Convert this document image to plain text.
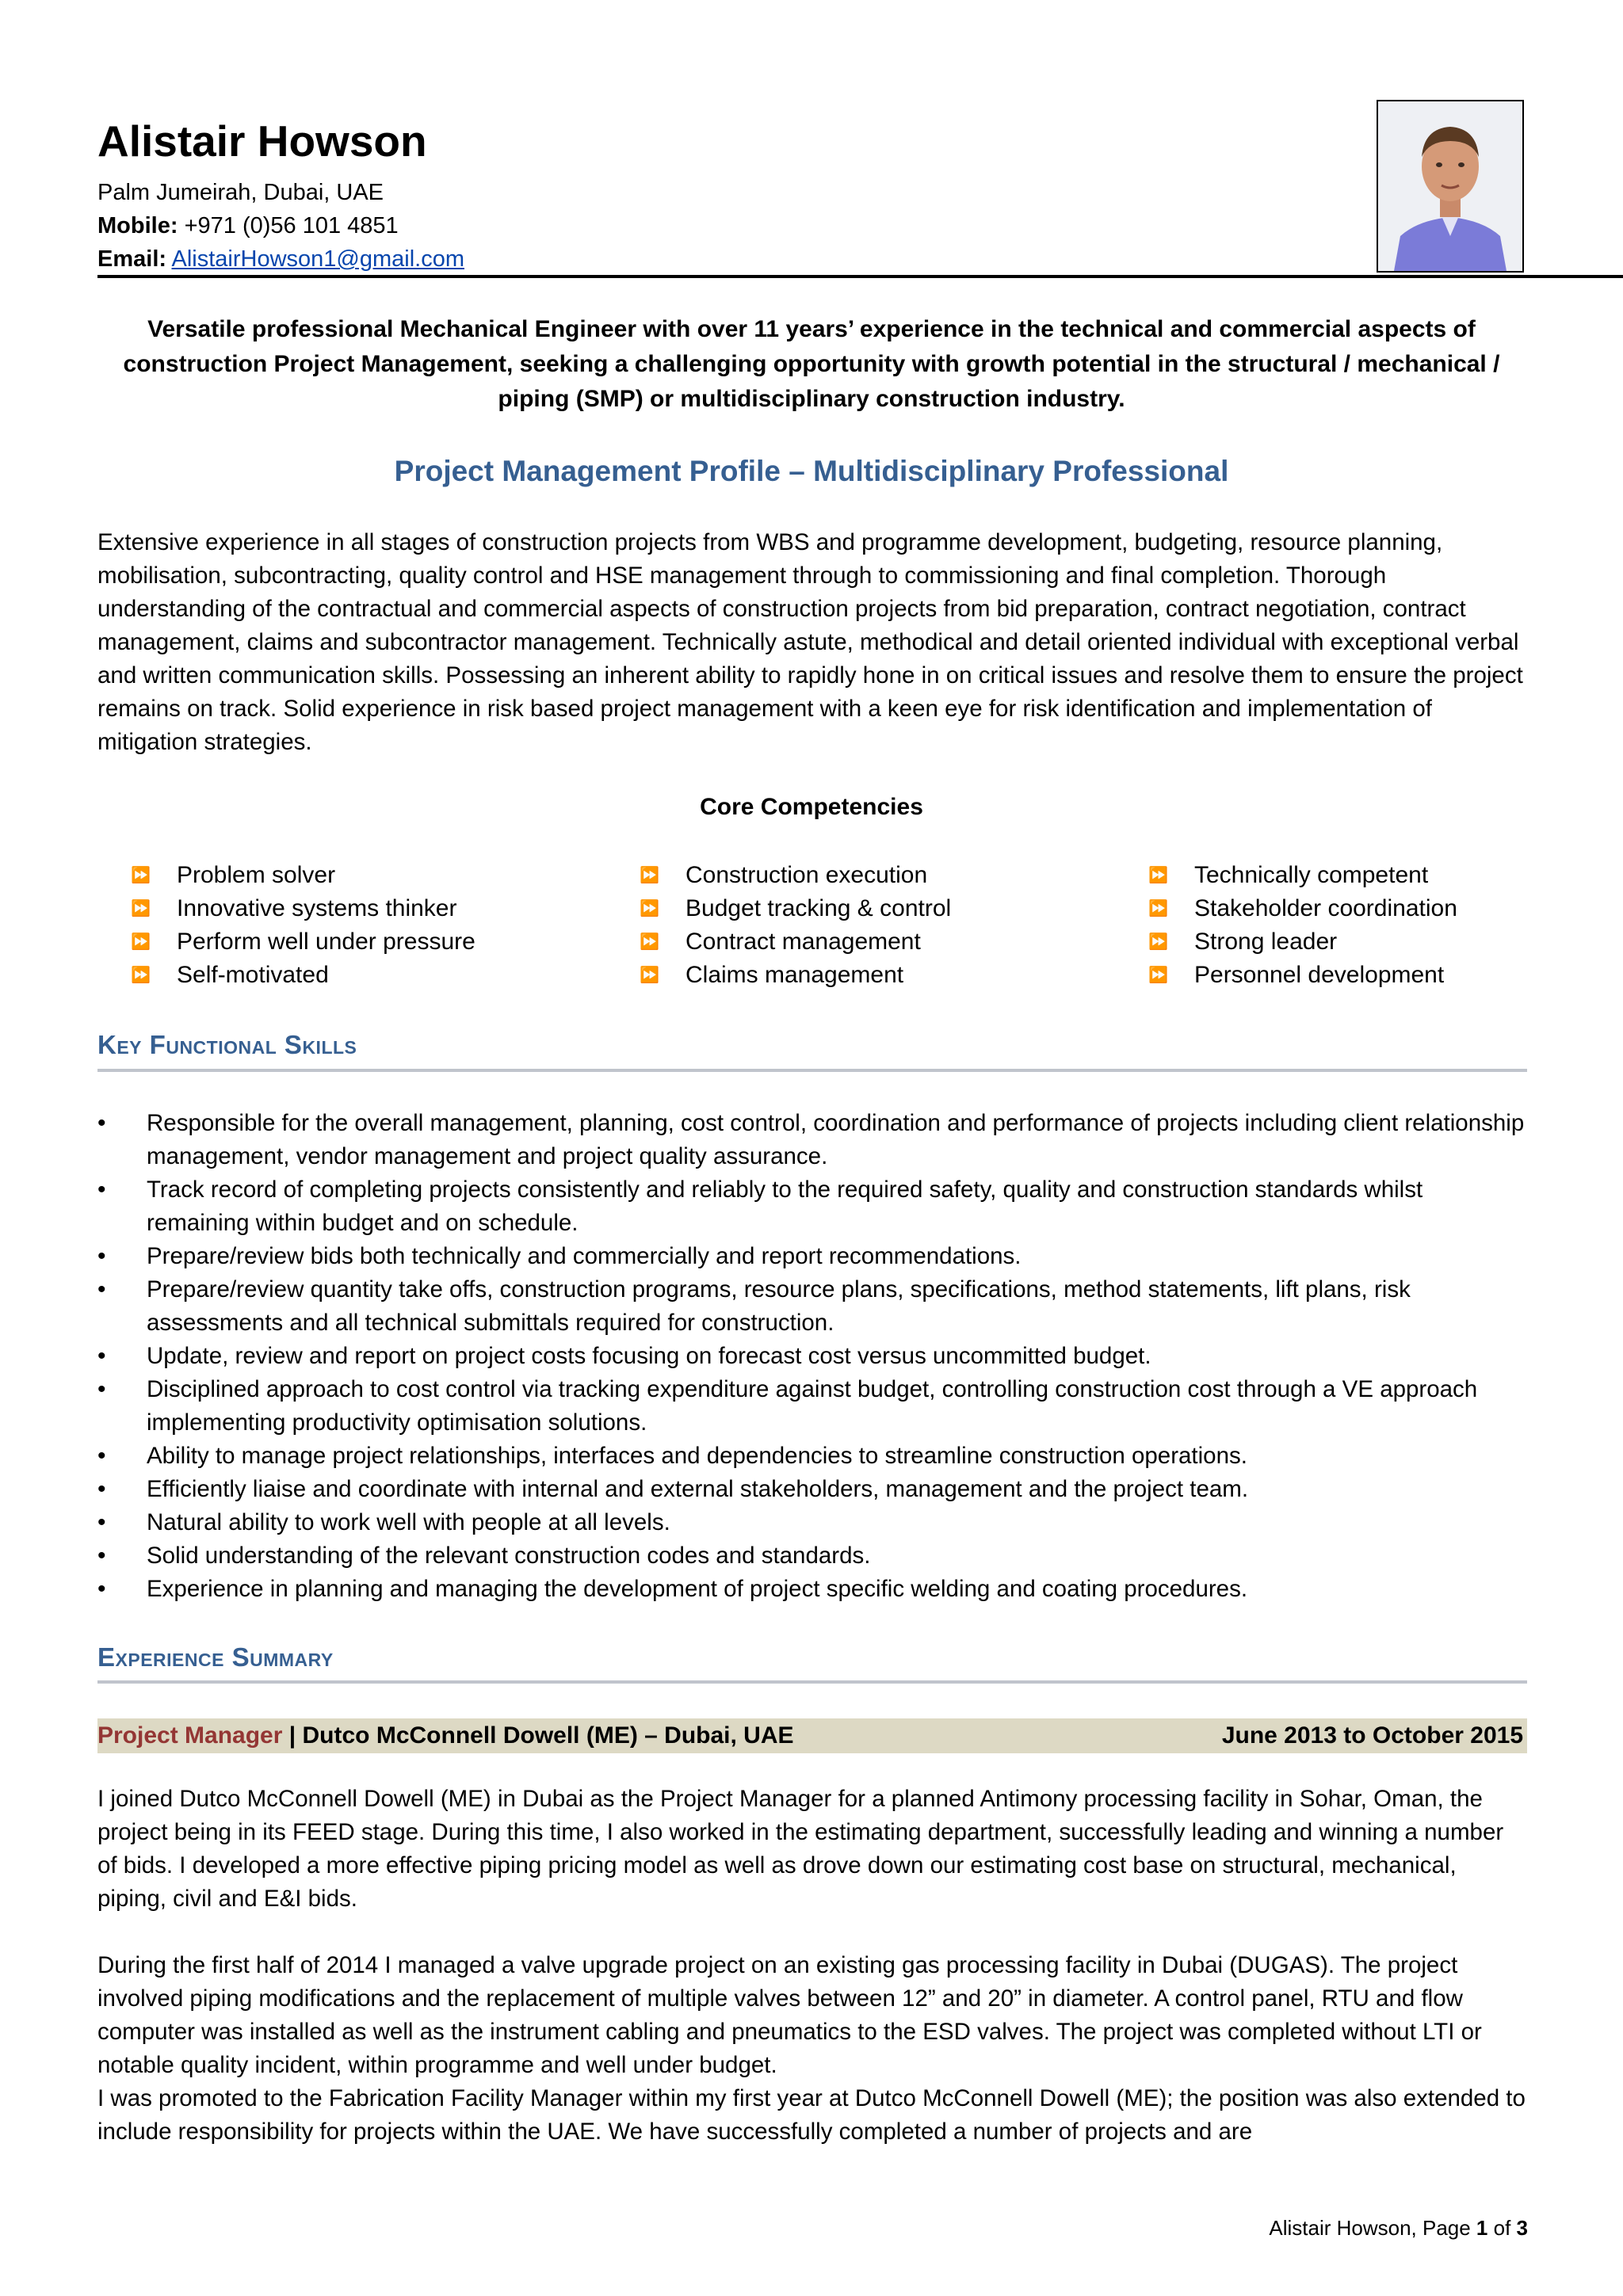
Alistair Howson
Palm Jumeirah, Dubai, UAE
Mobile: +971 (0)56 101 4851
Email: AlistairHowson1@gmail.com
Versatile professional Mechanical Engineer with over 11 years’ experience in the technical and commercial aspects of construction Project Management, seeking a challenging opportunity with growth potential in the structural / mechanical / piping (SMP) or multidisciplinary construction industry.
Project Management Profile – Multidisciplinary Professional
Extensive experience in all stages of construction projects from WBS and programme development, budgeting, resource planning, mobilisation, subcontracting, quality control and HSE management through to commissioning and final completion. Thorough understanding of the contractual and commercial aspects of construction projects from bid preparation, contract negotiation, contract management, claims and subcontractor management. Technically astute, methodical and detail oriented individual with exceptional verbal and written communication skills. Possessing an inherent ability to rapidly hone in on critical issues and resolve them to ensure the project remains on track. Solid experience in risk based project management with a keen eye for risk identification and implementation of mitigation strategies.
Core Competencies
⏩ Problem solver
⏩ Innovative systems thinker
⏩ Perform well under pressure
⏩ Self-motivated
⏩ Construction execution
⏩ Budget tracking & control
⏩ Contract management
⏩ Claims management
⏩ Technically competent
⏩ Stakeholder coordination
⏩ Strong leader
⏩ Personnel development
Key Functional Skills
•
Responsible for the overall management, planning, cost control, coordination and performance of projects including client relationship management, vendor management and project quality assurance.
•
Track record of completing projects consistently and reliably to the required safety, quality and construction standards whilst remaining within budget and on schedule.
•
Prepare/review bids both technically and commercially and report recommendations.
•
Prepare/review quantity take offs, construction programs, resource plans, specifications, method statements, lift plans, risk assessments and all technical submittals required for construction.
•
Update, review and report on project costs focusing on forecast cost versus uncommitted budget.
•
Disciplined approach to cost control via tracking expenditure against budget, controlling construction cost through a VE approach implementing productivity optimisation solutions.
•
Ability to manage project relationships, interfaces and dependencies to streamline construction operations.
•
Efficiently liaise and coordinate with internal and external stakeholders, management and the project team.
•
Natural ability to work well with people at all levels.
•
Solid understanding of the relevant construction codes and standards.
•
Experience in planning and managing the development of project specific welding and coating procedures.
Experience Summary
Project Manager | Dutco McConnell Dowell (ME) – Dubai, UAE	June 2013 to October 2015
I joined Dutco McConnell Dowell (ME) in Dubai as the Project Manager for a planned Antimony processing facility in Sohar, Oman, the project being in its FEED stage. During this time, I also worked in the estimating department, successfully leading and winning a number of bids. I developed a more effective piping pricing model as well as drove down our estimating cost base on structural, mechanical, piping, civil and E&I bids.
During the first half of 2014 I managed a valve upgrade project on an existing gas processing facility in Dubai (DUGAS). The project involved piping modifications and the replacement of multiple valves between 12” and 20” in diameter. A control panel, RTU and flow computer was installed as well as the instrument cabling and pneumatics to the ESD valves. The project was completed without LTI or notable quality incident, within programme and well under budget.
I was promoted to the Fabrication Facility Manager within my first year at Dutco McConnell Dowell (ME); the position was also extended to include responsibility for projects within the UAE. We have successfully completed a number of projects and are
Alistair Howson, Page 1 of 3
